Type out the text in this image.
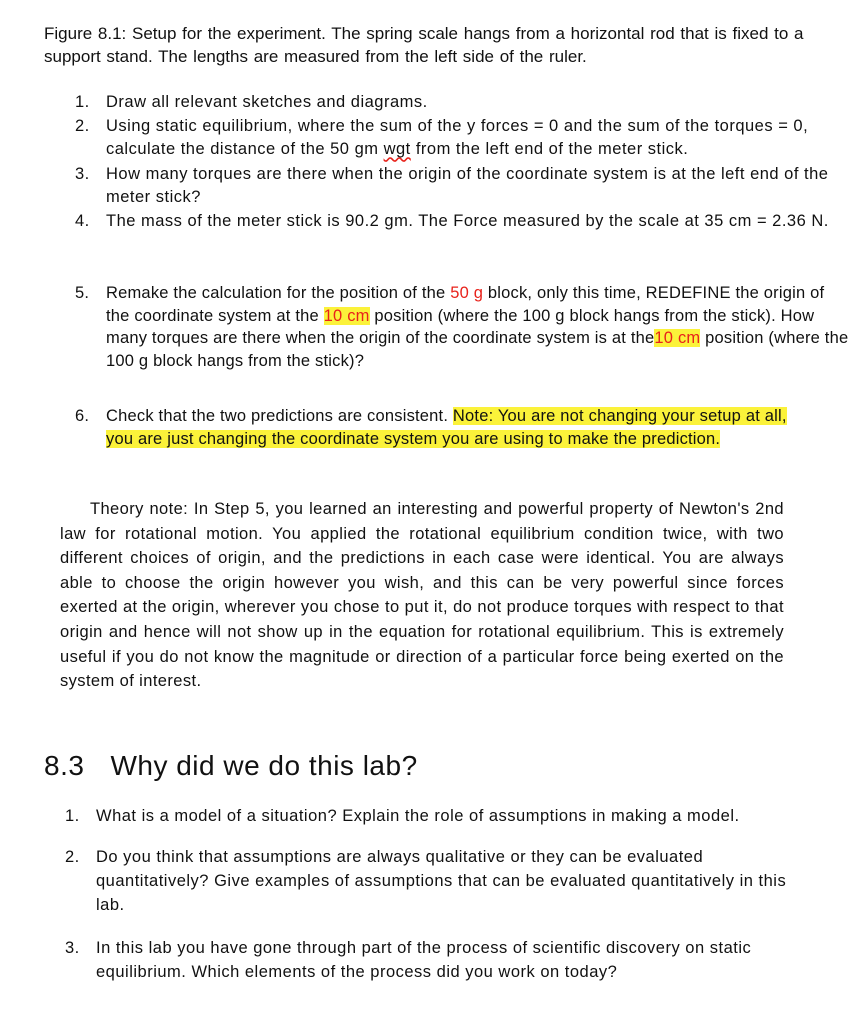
Figure 8.1: Setup for the experiment. The spring scale hangs from a horizontal rod that is fixed to a support stand. The lengths are measured from the left side of the ruler.
1. Draw all relevant sketches and diagrams.
2. Using static equilibrium, where the sum of the y forces = 0 and the sum of the torques = 0, calculate the distance of the 50 gm wgt from the left end of the meter stick.
3. How many torques are there when the origin of the coordinate system is at the left end of the meter stick?
4. The mass of the meter stick is 90.2 gm. The Force measured by the scale at 35 cm = 2.36 N.
5. Remake the calculation for the position of the 50 g block, only this time, REDEFINE the origin of the coordinate system at the 10 cm position (where the 100 g block hangs from the stick). How many torques are there when the origin of the coordinate system is at the10 cm position (where the 100 g block hangs from the stick)?
6. Check that the two predictions are consistent. Note: You are not changing your setup at all, you are just changing the coordinate system you are using to make the prediction.

Theory note: In Step 5, you learned an interesting and powerful property of Newton's 2nd law for rotational motion. You applied the rotational equilibrium condition twice, with two different choices of origin, and the predictions in each case were identical. You are always able to choose the origin however you wish, and this can be very powerful since forces exerted at the origin, wherever you chose to put it, do not produce torques with respect to that origin and hence will not show up in the equation for rotational equilibrium. This is extremely useful if you do not know the magnitude or direction of a particular force being exerted on the system of interest.

8.3 Why did we do this lab?
1. What is a model of a situation? Explain the role of assumptions in making a model.
2. Do you think that assumptions are always qualitative or they can be evaluated quantitatively? Give examples of assumptions that can be evaluated quantitatively in this lab.
3. In this lab you have gone through part of the process of scientific discovery on static equilibrium. Which elements of the process did you work on today?
